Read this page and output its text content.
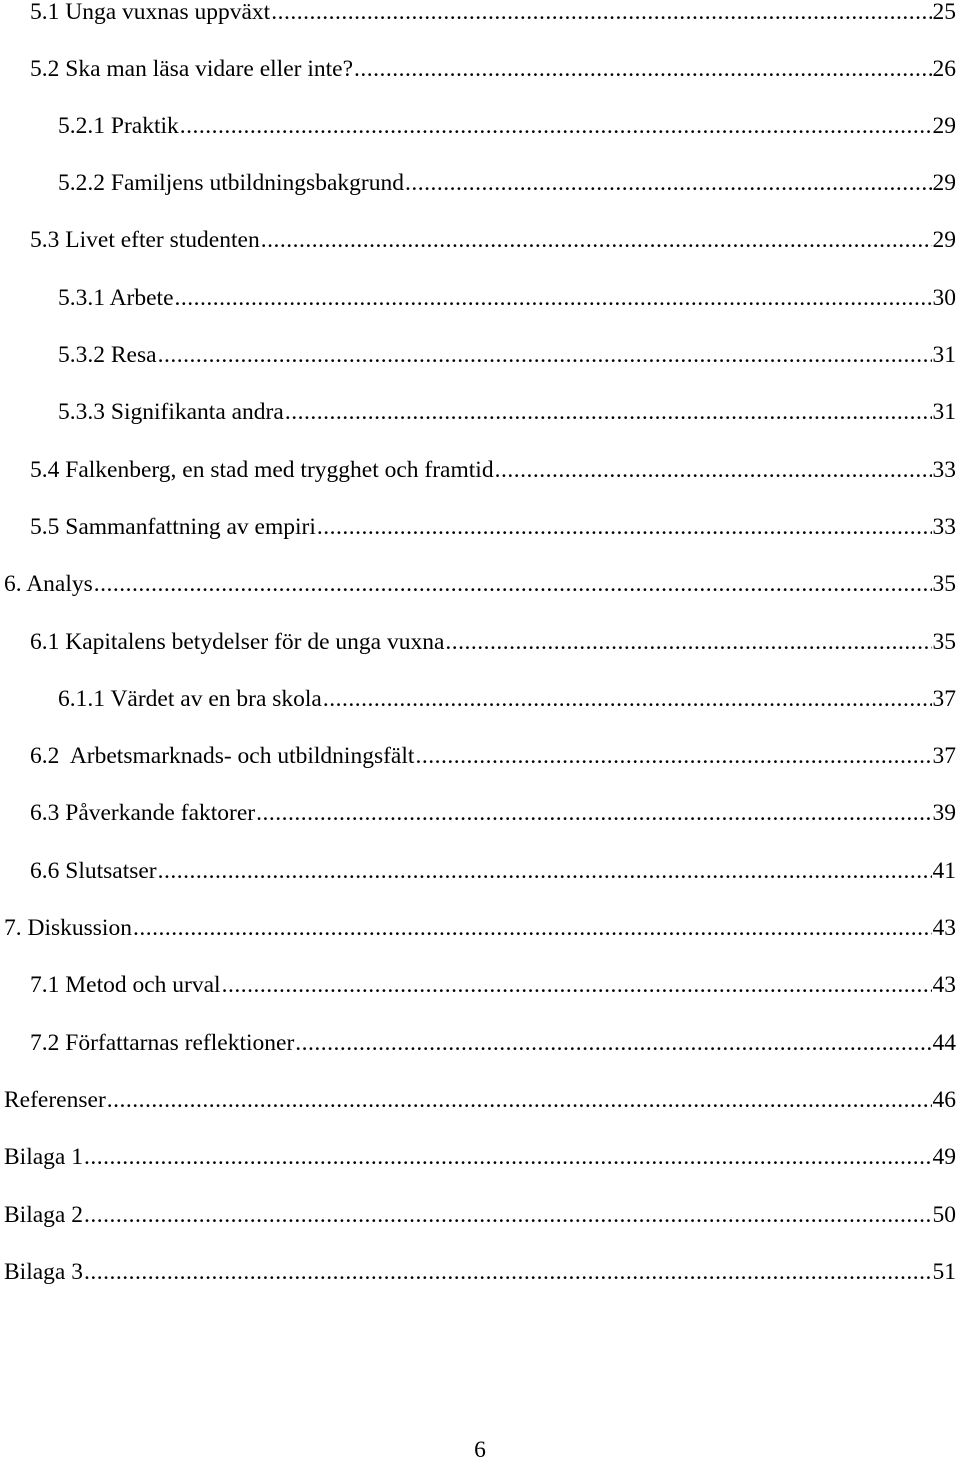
5.1 Unga vuxnas uppväxt .....	25
5.2 Ska man läsa vidare eller inte? .....	26
5.2.1 Praktik .....	29
5.2.2 Familjens utbildningsbakgrund .....	29
5.3 Livet efter studenten .....	29
5.3.1 Arbete .....	30
5.3.2 Resa .....	31
5.3.3 Signifikanta andra .....	31
5.4 Falkenberg, en stad med trygghet och framtid .....	33
5.5 Sammanfattning av empiri .....	33
6. Analys .....	35
6.1 Kapitalens betydelser för de unga vuxna .....	35
6.1.1 Värdet av en bra skola .....	37
6.2  Arbetsmarknads- och utbildningsfält .....	37
6.3 Påverkande faktorer .....	39
6.6 Slutsatser .....	41
7. Diskussion .....	43
7.1 Metod och urval .....	43
7.2 Författarnas reflektioner .....	44
Referenser .....	46
Bilaga 1 .....	49
Bilaga 2 .....	50
Bilaga 3 .....	51
6
